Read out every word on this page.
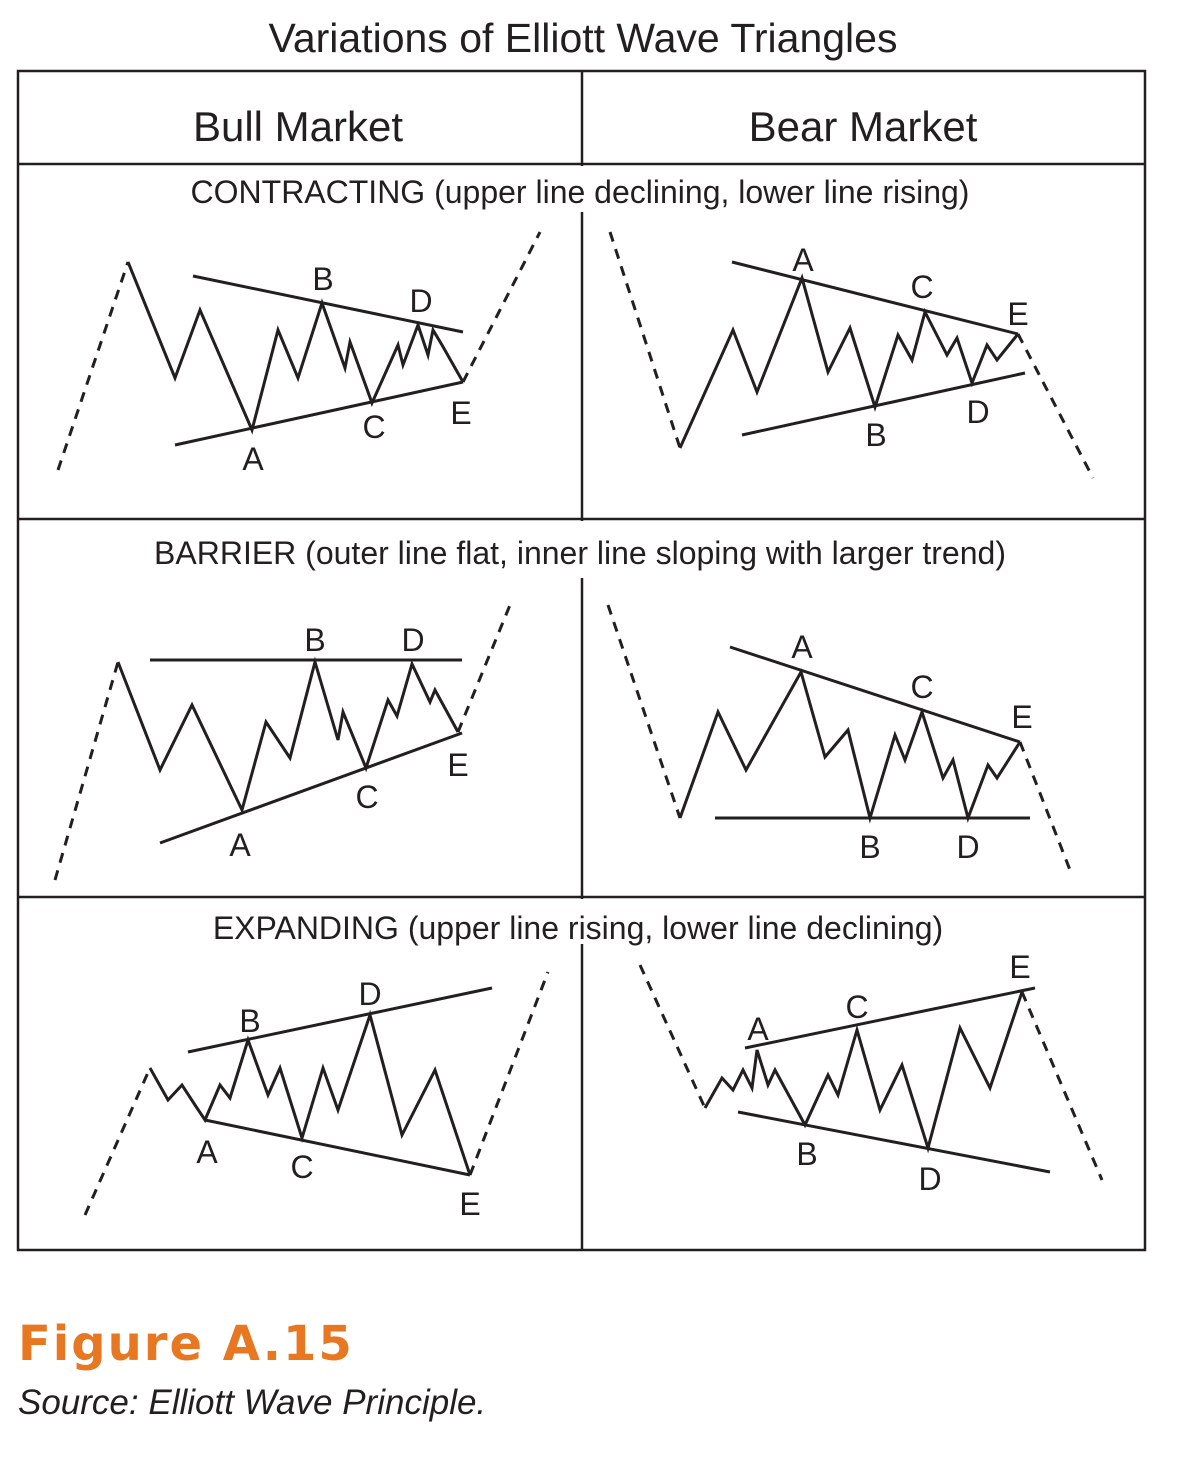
Variations of Elliott Wave Triangles
Bull Market	Bear Market
CONTRACTING (upper line declining, lower line rising)
BARRIER (outer line flat, inner line sloping with larger trend)
EXPANDING (upper line rising, lower line declining)
A
B
C
D
E
A
B
C
D
E
A
B
C
D
E
A
B
C
D
E
A
B
C
D
E
A
B
C
D
E
Figure A.15
Source: Elliott Wave Principle.
